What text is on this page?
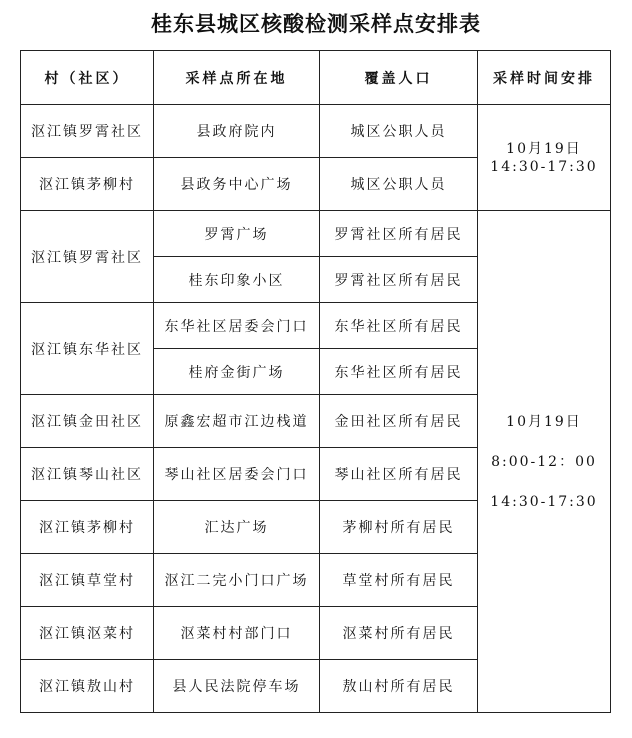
桂东县城区核酸检测采样点安排表
村（社区）	采样点所在地	覆盖人口	采样时间安排
沤江镇罗霄社区	县政府院内	城区公职人员	10月19日
14:30-17:30

沤江镇茅柳村	县政务中心广场	城区公职人员	
沤江镇罗霄社区	罗霄广场	罗霄社区所有居民	10月19日
8:00-12：00
14:30-17:30

	桂东印象小区	罗霄社区所有居民	
沤江镇东华社区	东华社区居委会门口	东华社区所有居民	
	桂府金街广场	东华社区所有居民	
沤江镇金田社区	原鑫宏超市江边栈道	金田社区所有居民	
沤江镇琴山社区	琴山社区居委会门口	琴山社区所有居民	
沤江镇茅柳村	汇达广场	茅柳村所有居民	
沤江镇草堂村	沤江二完小门口广场	草堂村所有居民	
沤江镇沤菜村	沤菜村村部门口	沤菜村所有居民	
沤江镇敖山村	县人民法院停车场	敖山村所有居民	
